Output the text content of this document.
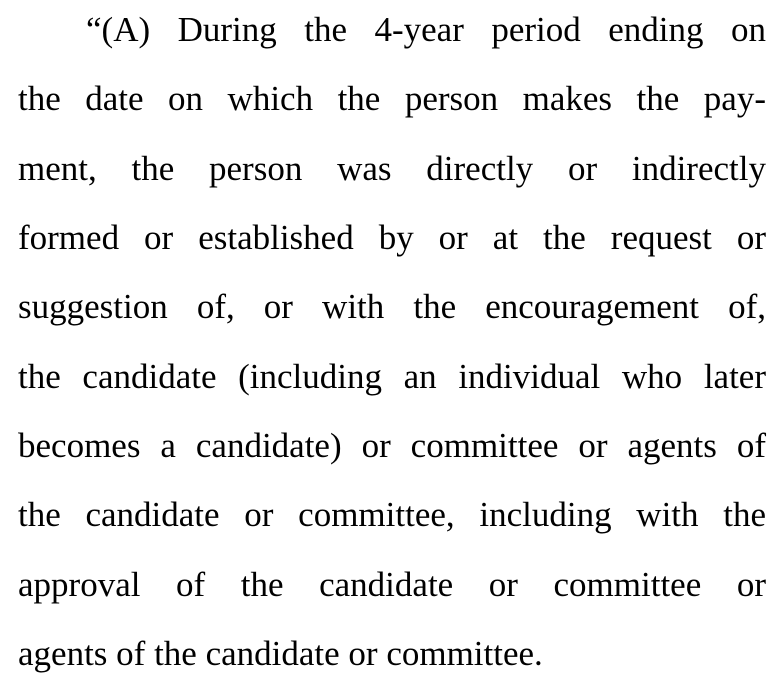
“(A) During the 4-year period ending on
the date on which the person makes the pay-
ment, the person was directly or indirectly
formed or established by or at the request or
suggestion of, or with the encouragement of,
the candidate (including an individual who later
becomes a candidate) or committee or agents of
the candidate or committee, including with the
approval of the candidate or committee or
agents of the candidate or committee.
